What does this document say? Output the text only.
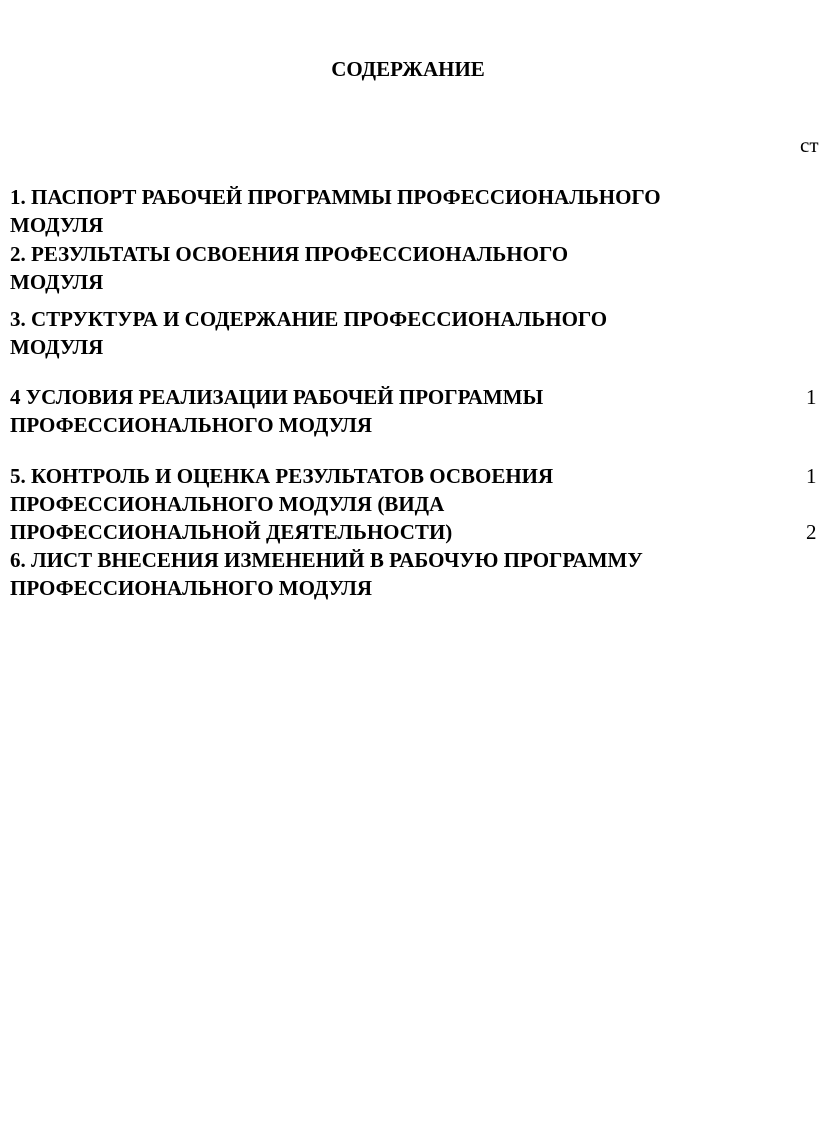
СОДЕРЖАНИЕ
ст
1. ПАСПОРТ РАБОЧЕЙ ПРОГРАММЫ ПРОФЕССИОНАЛЬНОГО
МОДУЛЯ
2. РЕЗУЛЬТАТЫ ОСВОЕНИЯ ПРОФЕССИОНАЛЬНОГО
МОДУЛЯ
3. СТРУКТУРА И СОДЕРЖАНИЕ ПРОФЕССИОНАЛЬНОГО
МОДУЛЯ
4 УСЛОВИЯ РЕАЛИЗАЦИИ РАБОЧЕЙ ПРОГРАММЫ
ПРОФЕССИОНАЛЬНОГО МОДУЛЯ
1
5. КОНТРОЛЬ И ОЦЕНКА РЕЗУЛЬТАТОВ ОСВОЕНИЯ
ПРОФЕССИОНАЛЬНОГО МОДУЛЯ (ВИДА
ПРОФЕССИОНАЛЬНОЙ ДЕЯТЕЛЬНОСТИ)
1
6. ЛИСТ ВНЕСЕНИЯ ИЗМЕНЕНИЙ В РАБОЧУЮ ПРОГРАММУ
ПРОФЕССИОНАЛЬНОГО МОДУЛЯ
2
